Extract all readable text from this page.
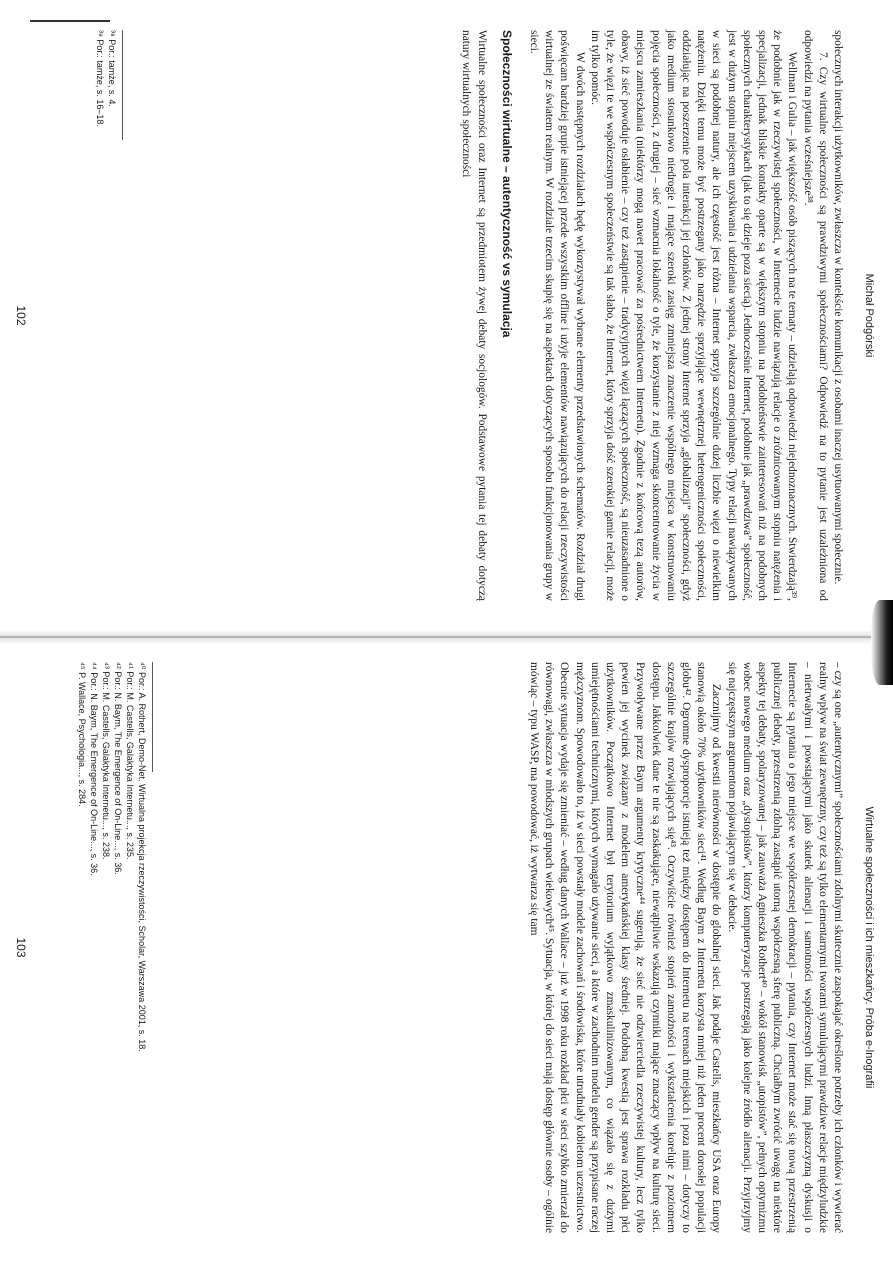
Michał Podgórski

społecznych interakcji użytkowników, zwłaszcza w kontekście komunikacji z osobami inaczej usytuowanymi społecznie.

7. Czy wirtualne społeczności są prawdziwymi społecznościami? Odpowiedź na to pytanie jest uzależniona od odpowiedzi na pytania wcześniejsze³⁸.

Wellman i Gulia – jak większość osób piszących na te tematy – udzielają odpowiedzi niejednoznacznych. Stwierdzają³⁹, że podobnie jak w rzeczywistej społeczności, w Internecie ludzie nawiązują relacje o zróżnicowanym stopniu natężenia i specjalizacji, jednak bliskie kontakty oparte są w większym stopniu na podobieństwie zainteresowań niż na podobnych społecznych charakterystykach (jak to się dzieje poza siecią). Jednocześnie Internet, podobnie jak „prawdziwa” społeczność, jest w dużym stopniu miejscem uzyskiwania i udzielania wsparcia, zwłaszcza emocjonalnego. Typy relacji nawiązywanych w sieci są podobnej natury, ale ich częstość jest różna – Internet sprzyja szczególnie dużej liczbie więzi o niewielkim natężeniu. Dzięki temu może być postrzegany jako narzędzie sprzyjające wewnętrznej heterogeniczności społeczności, oddziałując na poszerzenie pola interakcji jej członków. Z jednej strony Internet sprzyja „globalizacji” społeczności, gdyż jako medium stosunkowo niedrogie i mające szeroki zasięg zmniejsza znaczenie wspólnego miejsca w konstruowaniu pojęcia społeczności, z drugiej – sieć wzmacnia lokalność o tyle, że korzystanie z niej wzmaga skoncentrowanie życia w miejscu zamieszkania (niektórzy mogą nawet pracować za pośrednictwem Internetu). Zgodnie z końcową tezą autorów, obawy, iż sieć powoduje osłabienie – czy też zastąpienie – tradycyjnych więzi łączących społeczność, są nieuzasadnione o tyle, że więzi te we współczesnym społeczeństwie są tak słabo, że Internet, który sprzyja dość szerokiej gamie relacji, może im tylko pomóc.

W dwóch następnych rozdziałach będę wykorzystywał wybrane elementy przedstawionych schematów. Rozdział drugi poświęcam bardziej grupie istniejącej przede wszystkim offline i użyje elementów nawiązujących do relacji rzeczywistości wirtualnej ze światem realnym. W rozdziale trzecim skupię się na aspektach dotyczących sposobu funkcjonowania grupy w sieci.

Społeczności wirtualne – autentyczność vs symulacja

Wirtualne społeczności oraz Internet są przedmiotem żywej debaty socjologów. Podstawowe pytania tej debaty dotyczą natury wirtualnych społeczności

³⁸ Por.: tamże, s. 4.
³⁹ Por.: tamże, s. 16–18.
102
Wirtualne społeczności i ich mieszkańcy. Próba e-lnografii

– czy są one „autentycznymi” społecznościami zdolnymi skutecznie zaspokajać określone potrzeby ich członków i wywierać realny wpływ na świat zewnętrzny, czy też są tylko elementarnymi tworami symulującymi prawdziwe relacje międzyludzkie – nietrwałymi i powstającymi jako skutek alienacji i samotności współczesnych ludzi. Inną płaszczyzną dyskusji o Internecie są pytania o jego miejsce we współczesnej demokracji – pytania, czy Internet może stać się nową przestrzenią publicznej debaty, przestrzenią zdolną zastąpić utorną współczesną sferę publiczną. Chciałbym zwrócić uwagę na niektóre aspekty tej debaty, spolaryzowanej – jak zauważa Agnieszka Rothert⁴⁰ – wokół stanowisk „utopistów”, pełnych optymizmu wobec nowego medium oraz „dystopistów”, którzy komputeryzacje postrzegają jako kolejne źródło alienacji. Przyjrzyjmy się najczęstszym argumentom pojawiającym się w debacie.

Zacznijmy od kwestii nierówności w dostępie do globalnej sieci. Jak podaje Castells, mieszkańcy USA oraz Europy stanowią około 70% użytkowników sieci⁴¹. Według Baym z Internetu korzysta mniej niż jeden procent dorosłej populacji globu⁴². Ogromne dysproporcje istnieją też między dostępem do Internetu na terenach miejskich i poza nimi – dotyczy to szczególnie krajów rozwijających się⁴³. Oczywiście również stopień zamożności i wykształcenia koreluje z poziomem dostępu. Jakkolwiek dane te nie są zaskakujące, niewątpliwie wskazują czynniki mające znaczący wpływ na kulturę sieci. Przywoływane przez Baym argumenty krytyczne⁴⁴ sugerują, że sieć nie odzwierciedla rzeczywistej kultury, lecz tylko pewien jej wycinek związany z modelem amerykańskiej klasy średniej. Podobną kwestią jest sprawa rozkładu płci użytkowników. Początkowo Internet był terytorium wyjątkowo zmaskulinizowanym, co wiązało się z dużymi umiejętnościami technicznymi, których wymagało używanie sieci, a które w zachodnim modelu gender są przypisane raczej mężczyznom. Spowodowało to, iż w sieci powstały modele zachowań i środowiska, które utrudniały kobietom uczestnictwo. Obecnie sytuacja wydaje się zmieniać – według danych Wallace – już w 1998 roku rozkład płci w sieci szybko zmierzał do równowagi, zwłaszcza w młodszych grupach wiekowych⁴⁵. Sytuacja, w której do sieci mają dostęp głównie osoby – ogólnie mówiąc – typu WASP, ma powodować, iż wytwarza się tam

⁴⁰ Por.: A. Rothert, Demo-Net. Wirtualna projekcja rzeczywistości, Scholar, Warszawa 2001, s. 18.
⁴¹ Por.: M. Castells, Galaktyka Internetu..., s. 235.
⁴² Por.: N. Baym, The Emergence of On-Line..., s. 36.
⁴³ Por.: M. Castells, Galaktyka Internetu..., s. 238.
⁴⁴ Por.: N. Baym, The Emergence of On-Line..., s. 36.
⁴⁵ P. Wallace, Psychologia..., s. 284.
103
